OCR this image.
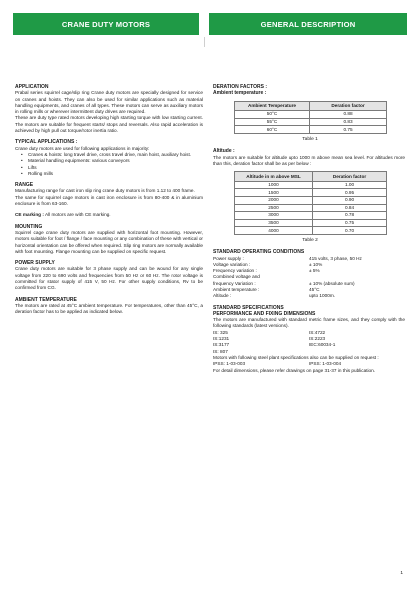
CRANE DUTY MOTORS	GENERAL DESCRIPTION
APPLICATION

Prabal series squirrel cage/slip ring Crane duty motors are specially designed for service on cranes and hoists. They can also be used for similar applications such as material handling equipments, and cranes of all types. These motors can serve as auxiliary motors in rolling mills or wherever intermittent duty drives are required.

These are duty type rated motors developing high starting torque with low starting current. The motors are suitable for frequent starts/ stops and reversals. Also rapid acceleration is achieved by high pull out torque/rotor inertia ratio.

TYPICAL APPLICATIONS :

Crane duty motors are used for following applications in majority:

• Cranes & hoists: long travel drive, cross travel drive, main hoist, auxiliary hoist.
• Material handling equipments: various conveyors
• Lifts
• Rolling mills
RANGE

Manufacturing range for cast iron slip ring crane duty motors is from 1.12 to 400 frame.

The same for squirrel cage motors in cast iron enclosure is from 80-400 & in aluminium enclosure is from 63-160.

CE marking : All motors are with CE marking.

MOUNTING

Squirrel cage crane duty motors are supplied with horizontal foot mounting. However, motors suitable for foot / flange / face mounting or any combination of these with vertical or horizontal orientation can be offered when required. Slip ring motors are normally available with foot mounting. Flange mounting can be supplied on specific request.

POWER SUPPLY

Crane duty motors are suitable for 3 phase supply and can be wound for any single voltage from 220 to 690 volts and frequencies from 50 Hz or 60 Hz. The rotor voltage is committed for stator supply of 415 V, 50 Hz. For other supply conditions, Rv to be confirmed from CG.

AMBIENT TEMPERATURE

The motors are rated at 45°C ambient temperature. For temperatures, other than 45°C, a deration factor has to be applied as indicated below.

DERATION FACTORS :
Ambient temperature :
Ambient Temperature	Deration factor
50°C	0.88
55°C	0.83
60°C	0.75
Table 1
Altitude :

The motors are suitable for altitude upto 1000 m above mean sea level. For altitudes more than this, deration factor shall be as per below :

Altitude in m above MSL	Deration factor
1000	1.00
1500	0.95
2000	0.90
2500	0.84
3000	0.78
3500	0.75
4000	0.70
Table 2
STANDARD OPERATING CONDITIONS
Power supply :	415 volts, 3 phase, 50 Hz
Voltage variation :	± 10%
Frequency variation :	± 5%
Combined voltage and
frequency Variation :	± 10% (absolute sum)
Ambient temperature :	45°C
Altitude :	upto 1000m.
STANDARD SPECIFICATIONS
PERFORMANCE AND FIXING DIMENSIONS

The motors are manufactured with standard metric frame sizes, and they comply with the following standards (latest versions).

IS: 325	IS:4722
IS:1231	IS:2223
IS:3177	IEC:60034-1
IS: 807

Motors with following steel plant specifications also can be supplied on request :

IPSS: 1-03-003	IPSS: 1-03-004

For detail dimensions, please refer drawings on page 31-37 in this publication.

1
